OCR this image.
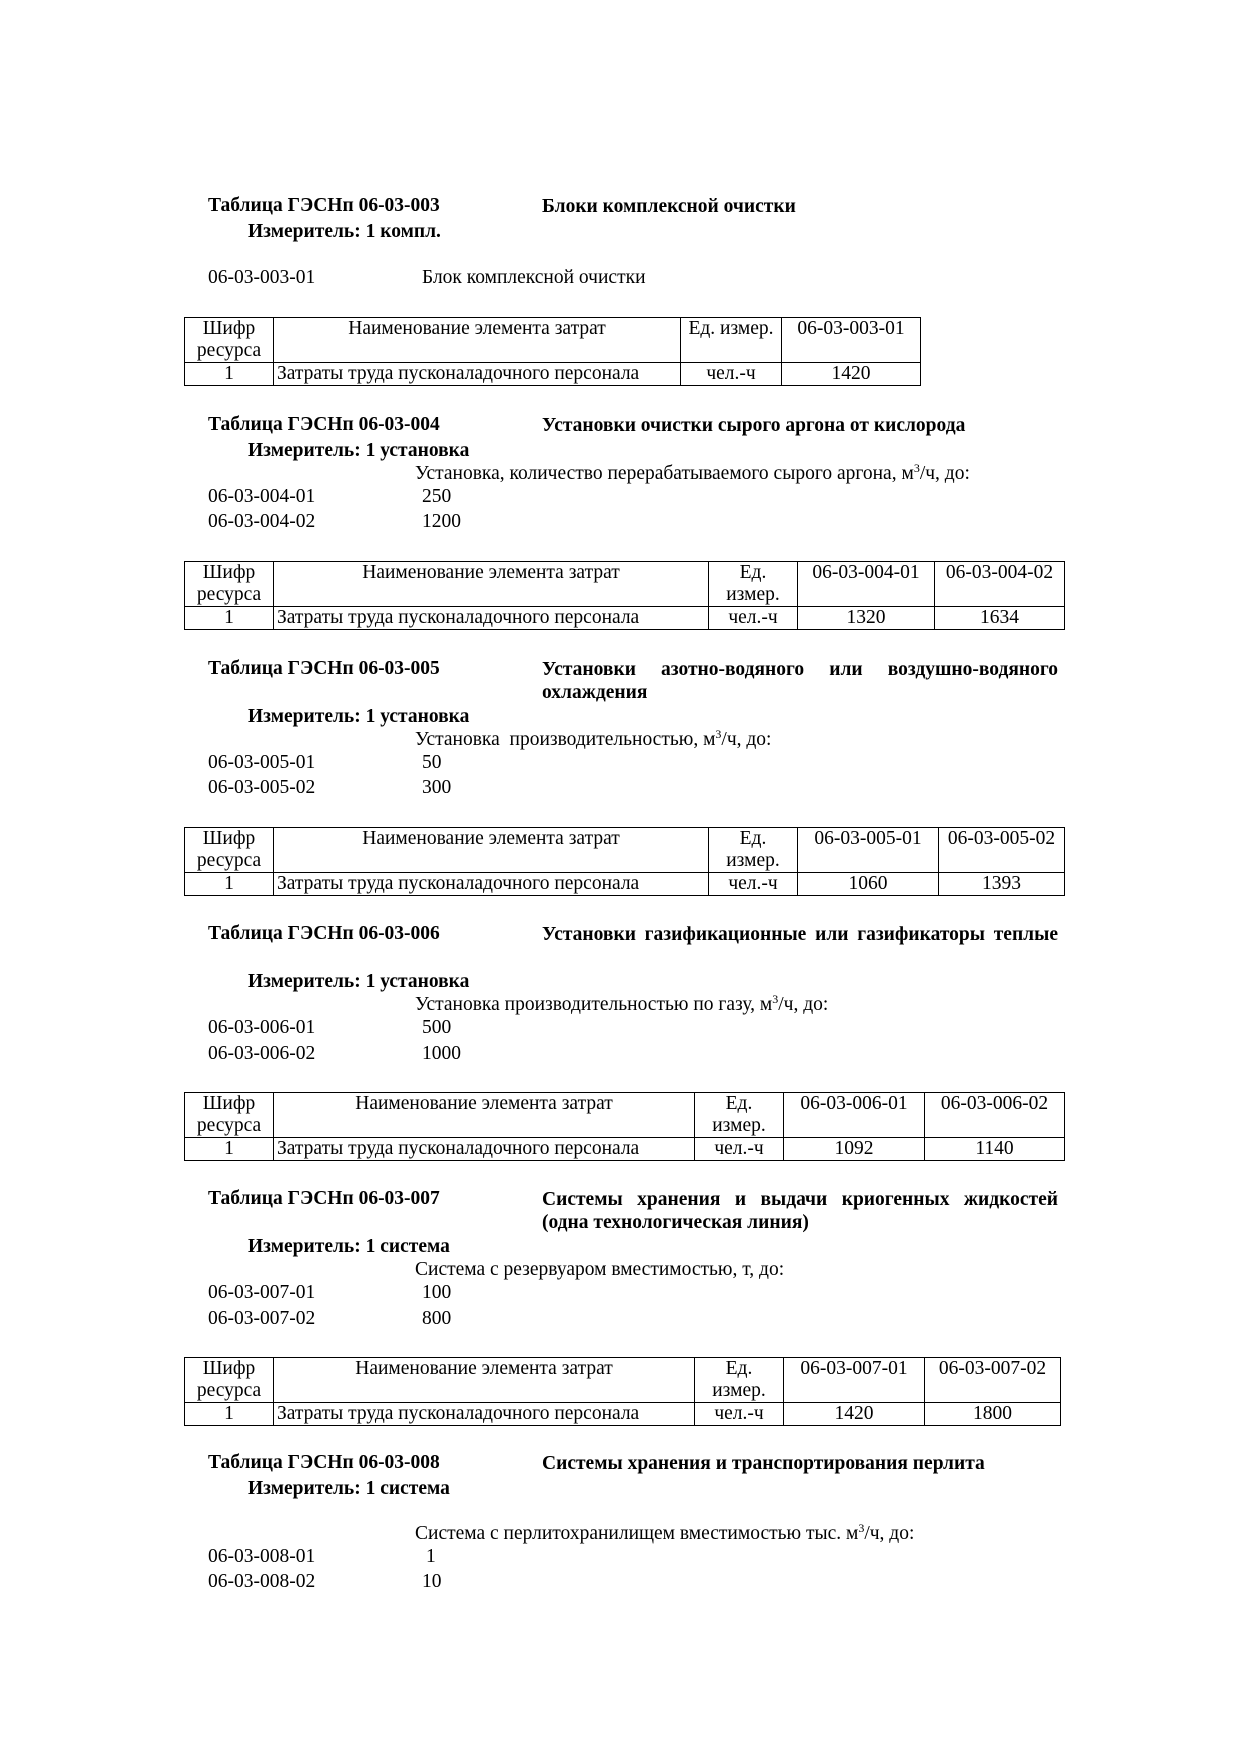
Таблица ГЭСНп 06-03-003	Блоки комплексной очистки
Измеритель: 1 компл.
06-03-003-01	Блок комплексной очистки
Шифр ресурса	Наименование элемента затрат	Ед. измер.	06-03-003-01
1	Затраты труда пусконаладочного персонала	чел.-ч	1420
Таблица ГЭСНп 06-03-004	Установки очистки сырого аргона от кислорода
Измеритель: 1 установка
Установка, количество перерабатываемого сырого аргона, $м^3/ч$, до:
06-03-004-01	250
06-03-004-02	1200
Шифр ресурса	Наименование элемента затрат	Ед. измер.	06-03-004-01	06-03-004-02
1	Затраты труда пусконаладочного персонала	чел.-ч	1320	1634
Таблица ГЭСНп 06-03-005	Установки азотно-водяного или воздушно-водяного охлаждения
Измеритель: 1 установка
Установка  производительностью, $м^3/ч$, до:
06-03-005-01	50
06-03-005-02	300
Шифр ресурса	Наименование элемента затрат	Ед. измер.	06-03-005-01	06-03-005-02
1	Затраты труда пусконаладочного персонала	чел.-ч	1060	1393
Таблица ГЭСНп 06-03-006	Установки газификационные или газификаторы теплые
Измеритель: 1 установка
Установка производительностью по газу, $м^3/ч$, до:
06-03-006-01	500
06-03-006-02	1000
Шифр ресурса	Наименование элемента затрат	Ед. измер.	06-03-006-01	06-03-006-02
1	Затраты труда пусконаладочного персонала	чел.-ч	1092	1140
Таблица ГЭСНп 06-03-007	Системы хранения и выдачи криогенных жидкостей (одна технологическая линия)
Измеритель: 1 система
Система с резервуаром вместимостью, т, до:
06-03-007-01	100
06-03-007-02	800
Шифр ресурса	Наименование элемента затрат	Ед. измер.	06-03-007-01	06-03-007-02
1	Затраты труда пусконаладочного персонала	чел.-ч	1420	1800
Таблица ГЭСНп 06-03-008	Системы хранения и транспортирования перлита
Измеритель: 1 система
Система с перлитохранилищем вместимостью тыс. $м^3/ч$, до:
06-03-008-01	1
06-03-008-02	10
